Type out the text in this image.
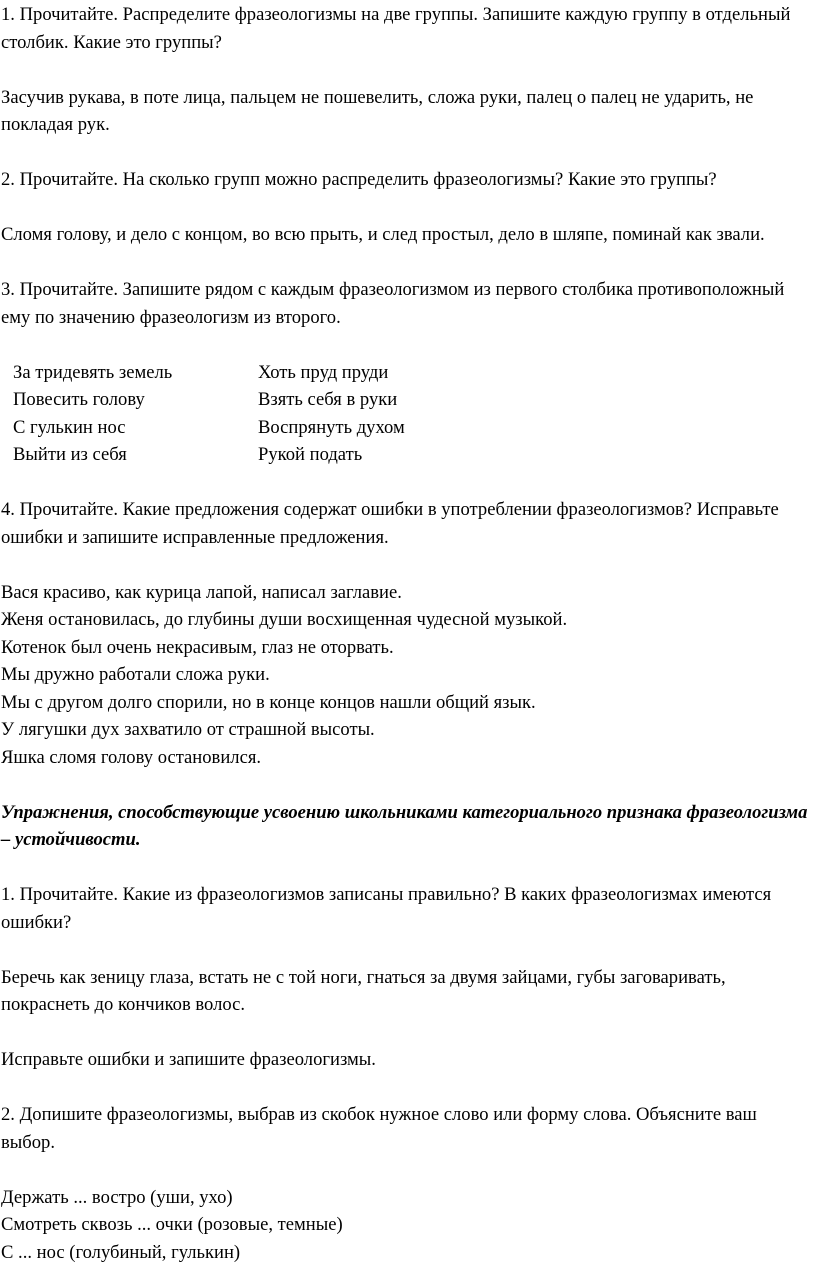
1. Прочитайте. Распределите фразеологизмы на две группы. Запишите каждую группу в отдельный столбик. Какие это группы?

Засучив рукава, в поте лица, пальцем не пошевелить, сложа руки, палец о палец не ударить, не покладая рук.

2. Прочитайте. На сколько групп можно распределить фразеологизмы? Какие это группы?

Сломя голову, и дело с концом, во всю прыть, и след простыл, дело в шляпе, поминай как звали.

3. Прочитайте. Запишите рядом с каждым фразеологизмом из первого столбика противоположный ему по значению фразеологизм из второго.

За тридевять земель	Хоть пруд пруди
Повесить голову	Взять себя в руки
С гулькин нос	Воспрянуть духом
Выйти из себя	Рукой подать

4. Прочитайте. Какие предложения содержат ошибки в употреблении фразеологизмов? Исправьте ошибки и запишите исправленные предложения.

Вася красиво, как курица лапой, написал заглавие.

Женя остановилась, до глубины души восхищенная чудесной музыкой.

Котенок был очень некрасивым, глаз не оторвать.

Мы дружно работали сложа руки.

Мы с другом долго спорили, но в конце концов нашли общий язык.

У лягушки дух захватило от страшной высоты.

Яшка сломя голову остановился.

Упражнения, способствующие усвоению школьниками категориального признака фразеологизма – устойчивости.

1. Прочитайте. Какие из фразеологизмов записаны правильно? В каких фразеологизмах имеются ошибки?

Беречь как зеницу глаза, встать не с той ноги, гнаться за двумя зайцами, губы заговаривать, покраснеть до кончиков волос.

Исправьте ошибки и запишите фразеологизмы.

2. Допишите фразеологизмы, выбрав из скобок нужное слово или форму слова. Объясните ваш выбор.

Держать ... востро (уши, ухо)

Смотреть сквозь ... очки (розовые, темные)

С ... нос (голубиный, гулькин)
